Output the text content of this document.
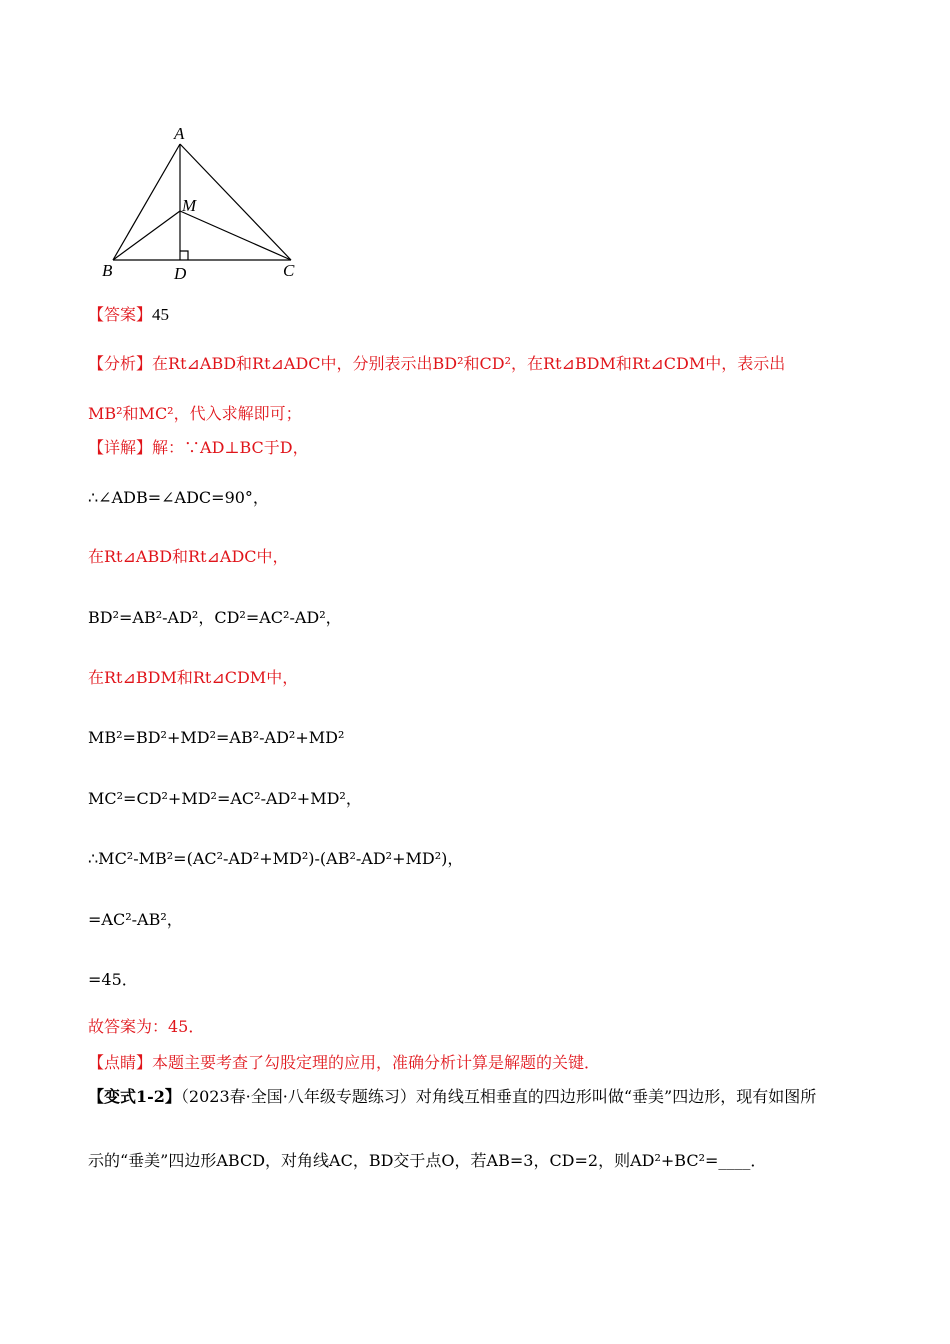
A
M
B	D	C
【答案】45
【分析】在Rt⊿ABD和Rt⊿ADC中，分别表示出BD²和CD²，在Rt⊿BDM和Rt⊿CDM中，表示出
MB²和MC²，代入求解即可；
【详解】解：∵AD⊥BC于D，
∴∠ADB=∠ADC=90°，
在Rt⊿ABD和Rt⊿ADC中，
BD²=AB²-AD²，CD²=AC²-AD²，
在Rt⊿BDM和Rt⊿CDM中，
MB²=BD²+MD²=AB²-AD²+MD²
MC²=CD²+MD²=AC²-AD²+MD²，
∴MC²-MB²=(AC²-AD²+MD²)-(AB²-AD²+MD²)，
=AC²-AB²，
=45．
故答案为：45．
【点睛】本题主要考查了勾股定理的应用，准确分析计算是解题的关键．
【变式1-2】（2023春·全国·八年级专题练习）对角线互相垂直的四边形叫做“垂美”四边形，现有如图所
示的“垂美”四边形ABCD，对角线AC，BD交于点O，若AB=3，CD=2，则AD²+BC²=____．
